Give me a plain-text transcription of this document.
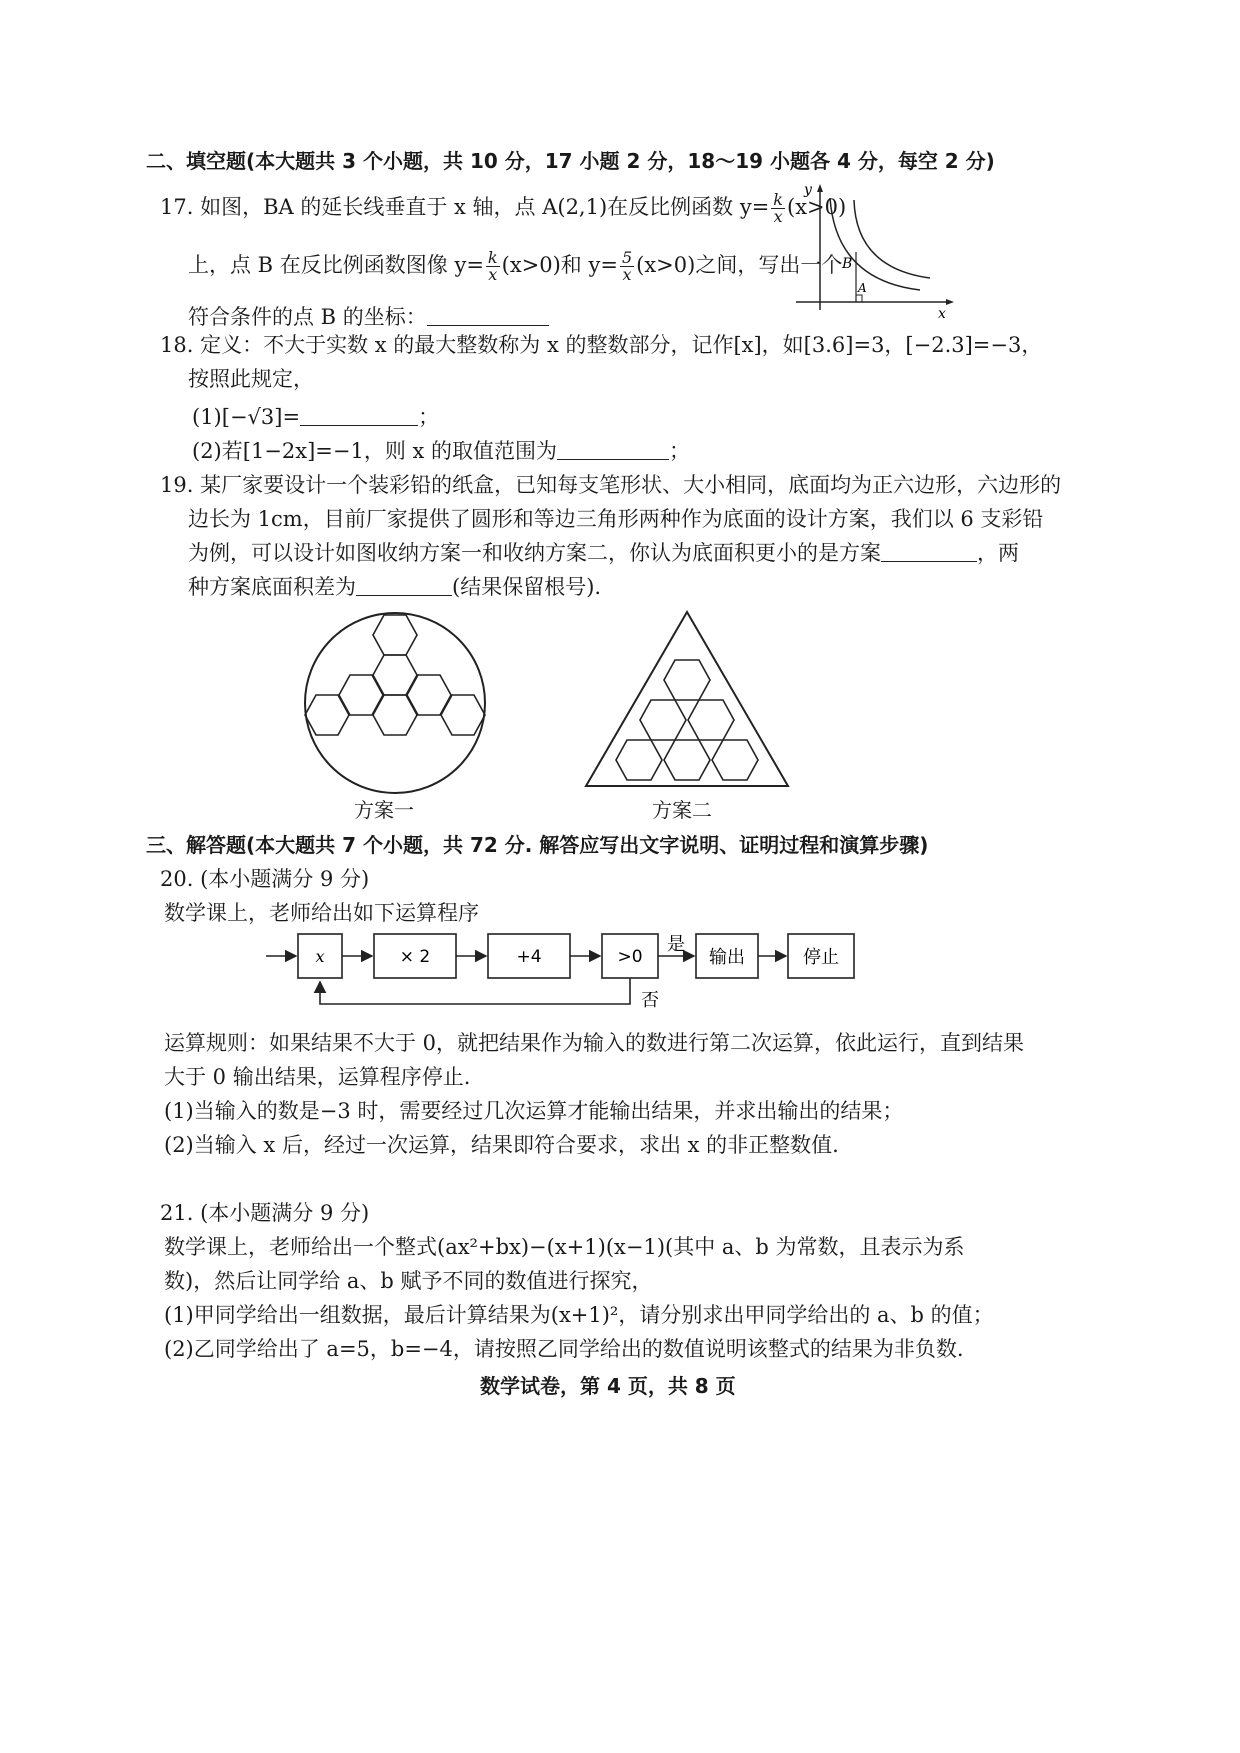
二、填空题(本大题共 3 个小题，共 10 分，17 小题 2 分，18～19 小题各 4 分，每空 2 分)
17. 如图，BA 的延长线垂直于 x 轴，点 A(2,1)在反比例函数 $y= \frac{k}{x} (x>0)$
上，点 B 在反比例函数图像 $y= \frac{k}{x} (x>0)$和 $y= \frac{5}{x} (x>0)$之间，写出一个
符合条件的点 B 的坐标：
y
x
B
A
18. 定义：不大于实数 x 的最大整数称为 x 的整数部分，记作[x]，如[3.6]=3，[−2.3]=−3，
按照此规定，
(1)[−√3]=	；
(2)若[1−2x]=−1，则 x 的取值范围为	；
19. 某厂家要设计一个装彩铅的纸盒，已知每支笔形状、大小相同，底面均为正六边形，六边形的
边长为 1cm，目前厂家提供了圆形和等边三角形两种作为底面的设计方案，我们以 6 支彩铅
为例，可以设计如图收纳方案一和收纳方案二，你认为底面积更小的是方案	，两
种方案底面积差为	(结果保留根号).
方案一	方案二
三、解答题(本大题共 7 个小题，共 72 分. 解答应写出文字说明、证明过程和演算步骤)
20. (本小题满分 9 分)
数学课上，老师给出如下运算程序
x	× 2	+4	>0
是
输出	停止
否
运算规则：如果结果不大于 0，就把结果作为输入的数进行第二次运算，依此运行，直到结果
大于 0 输出结果，运算程序停止.
(1)当输入的数是−3 时，需要经过几次运算才能输出结果，并求出输出的结果；
(2)当输入 x 后，经过一次运算，结果即符合要求，求出 x 的非正整数值.
21. (本小题满分 9 分)
数学课上，老师给出一个整式(ax²+bx)−(x+1)(x−1)(其中 a、b 为常数，且表示为系
数)，然后让同学给 a、b 赋予不同的数值进行探究，
(1)甲同学给出一组数据，最后计算结果为(x+1)²，请分别求出甲同学给出的 a、b 的值；
(2)乙同学给出了 a=5，b=−4，请按照乙同学给出的数值说明该整式的结果为非负数.
数学试卷，第 4 页，共 8 页
